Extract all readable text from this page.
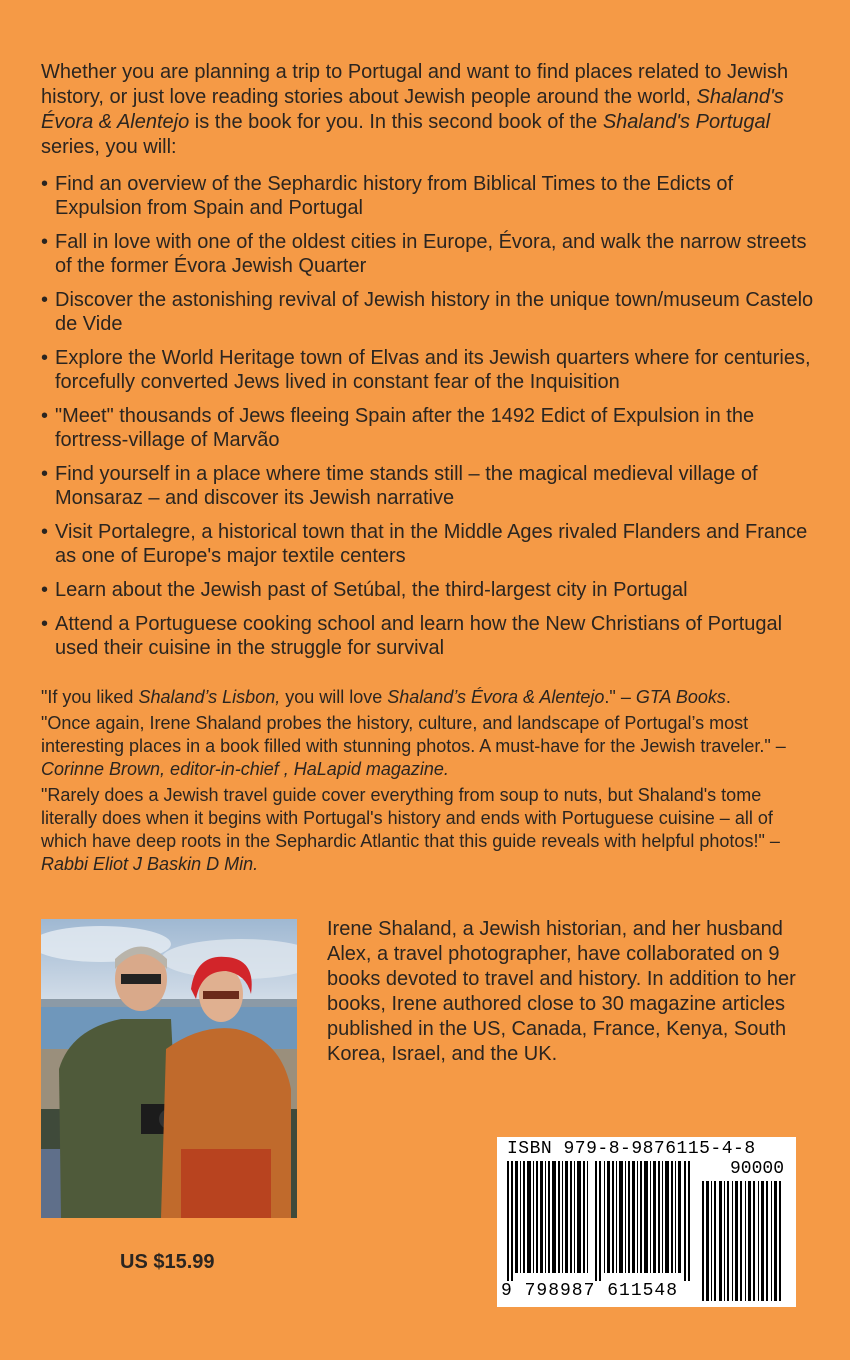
Whether you are planning a trip to Portugal and want to find places related to Jewish history, or just love reading stories about Jewish people around the world, Shaland's Évora & Alentejo is the book for you. In this second book of the Shaland's Portugal series, you will:
• Find an overview of the Sephardic history from Biblical Times to the Edicts of Expulsion from Spain and Portugal
• Fall in love with one of the oldest cities in Europe, Évora, and walk the narrow streets of the former Évora Jewish Quarter
• Discover the astonishing revival of Jewish history in the unique town/museum Castelo de Vide
• Explore the World Heritage town of Elvas and its Jewish quarters where for centuries, forcefully converted Jews lived in constant fear of the Inquisition
• "Meet" thousands of Jews fleeing Spain after the 1492 Edict of Expulsion in the fortress-village of Marvão
• Find yourself in a place where time stands still – the magical medieval village of Monsaraz – and discover its Jewish narrative
• Visit Portalegre, a historical town that in the Middle Ages rivaled Flanders and France as one of Europe's major textile centers
• Learn about the Jewish past of Setúbal, the third-largest city in Portugal
• Attend a Portuguese cooking school and learn how the New Christians of Portugal used their cuisine in the struggle for survival

"If you liked Shaland’s Lisbon, you will love Shaland’s Évora & Alentejo." – GTA Books.

"Once again, Irene Shaland probes the history, culture, and landscape of Portugal’s most interesting places in a book filled with stunning photos. A must-have for the Jewish traveler." – Corinne Brown, editor-in-chief , HaLapid magazine.

"Rarely does a Jewish travel guide cover everything from soup to nuts, but Shaland's tome literally does when it begins with Portugal's history and ends with Portuguese cuisine – all of which have deep roots in the Sephardic Atlantic that this guide reveals with helpful photos!" – Rabbi Eliot J Baskin D Min.

Irene Shaland, a Jewish historian, and her husband Alex, a travel photographer, have collaborated on 9 books devoted to travel and history. In addition to her books, Irene authored close to 30 magazine articles published in the US, Canada, France, Kenya, South Korea, Israel, and the UK.
US $15.99
ISBN 979-8-9876115-4-8
90000
9 798987 611548
